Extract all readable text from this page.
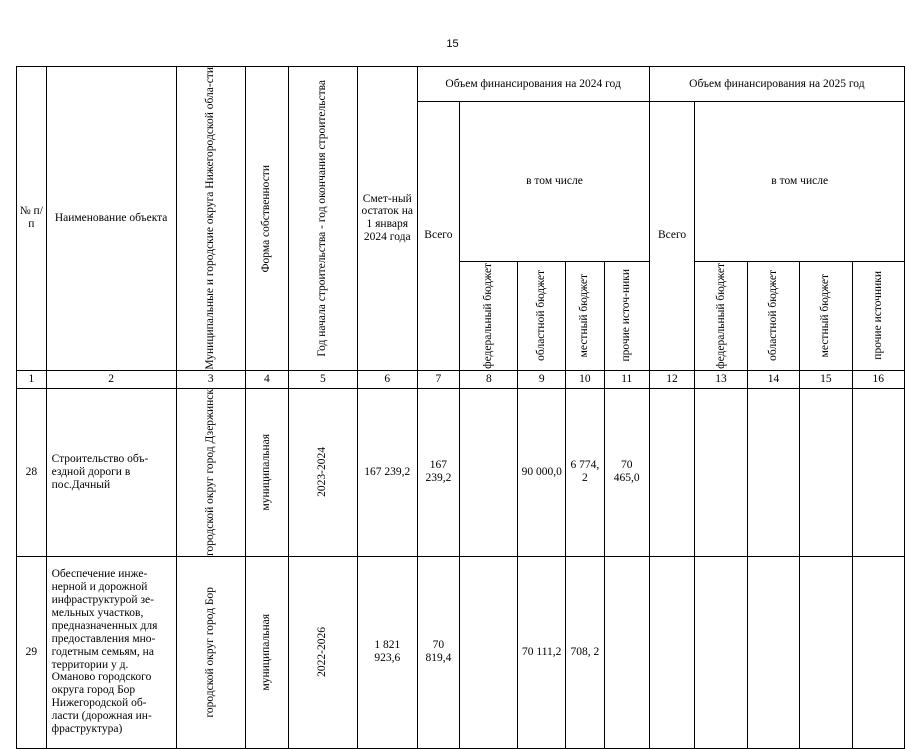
15
№ п/п	Наименование объекта	Муниципальные и городские округа Нижегородской обла-сти	Форма собственности	Год начала строительства - год окончания строительства	Смет-ный остаток на 1 января 2024 года	Объем финансирования на 2024 год					Объем финансирования на 2025 год				
						Всего	в том числе				Всего	в том числе			

							федеральный бюджет	областной бюджет	местный бюджет	прочие источ-ники		федеральный бюджет	областной бюджет	местный бюджет	прочие источники

1	2	3	4	5	6	7	8	9	10	11	12	13	14	15	16
28	Строительство объ-ездной дороги в пос.Дачный	городской округ город Дзержинск	муниципальная	2023-2024	167 239,2	167 239,2		90 000,0	6 774, 2	70 465,0					
29	Обеспечение инже-нерной и дорожной инфраструктурой зе-мельных участков, предназначенных для предоставления мно-годетным семьям, на территории у д. Оманово городского округа город Бор Нижегородской об-ласти (дорожная ин-фраструктура)	городской округ город Бор	муниципальная	2022-2026	1 821 923,6	70 819,4		70 111,2	708, 2						
